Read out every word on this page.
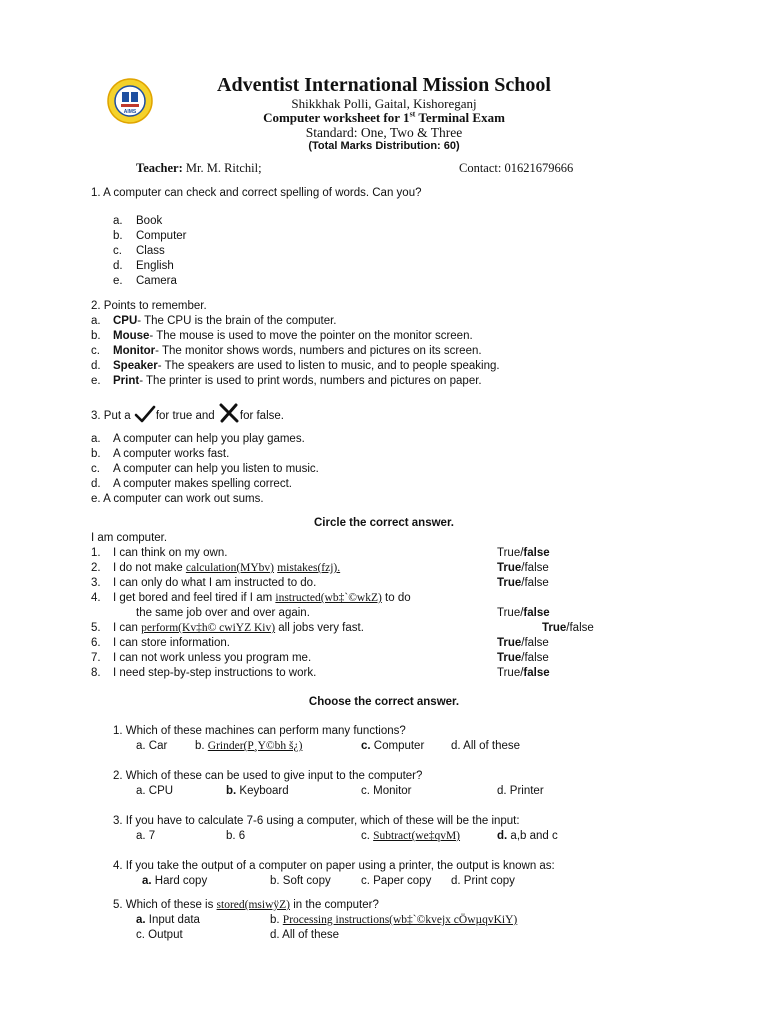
AIMS
Adventist International Mission School
Shikkhak Polli, Gaital, Kishoreganj
Computer worksheet for 1st Terminal Exam
Standard: One, Two & Three
(Total Marks Distribution: 60)
Teacher: Mr. M. Ritchil;	Contact: 01621679666
1. A computer can check and correct spelling of words. Can you?
a. Book
b. Computer
c. Class
d. English
e. Camera
2. Points to remember.
a. CPU- The CPU is the brain of the computer.
b. Mouse- The mouse is used to move the pointer on the monitor screen.
c. Monitor- The monitor shows words, numbers and pictures on its screen.
d. Speaker- The speakers are used to listen to music, and to people speaking.
e. Print- The printer is used to print words, numbers and pictures on paper.
3. Put a for true and for false.
a. A computer can help you play games.
b. A computer works fast.
c. A computer can help you listen to music.
d. A computer makes spelling correct.
e. A computer can work out sums.
Circle the correct answer.
I am computer.
1. I can think on my own.	True/false
2. I do not make calculation(MYbv) mistakes(fzj).	True/false
3. I can only do what I am instructed to do.	True/false
4. I get bored and feel tired if I am instructed(wb‡`©wkZ) to do
the same job over and over again.	True/false
5. I can perform(Kv‡h© cwiYZ Kiv) all jobs very fast.	True/false
6. I can store information.	True/false
7. I can not work unless you program me.	True/false
8. I need step-by-step instructions to work.	True/false
Choose the correct answer.
1. Which of these machines can perform many functions?
a. Car b. Grinder(P¸Y©bh š¿)	c. Computer d. All of these
2. Which of these can be used to give input to the computer?
a. CPU	b. Keyboard	c. Monitor	d. Printer
3. If you have to calculate 7-6 using a computer, which of these will be the input:
a. 7	b. 6	c. Subtract(we‡qvM)	d. a,b and c
4. If you take the output of a computer on paper using a printer, the output is known as:
a. Hard copy	b. Soft copy	c. Paper copy d. Print copy
5. Which of these is stored(msiwÿZ) in the computer?
a. Input data	b. Processing instructions(wb‡`©kvejx cÖwµqvKiY)
c. Output	d. All of these
